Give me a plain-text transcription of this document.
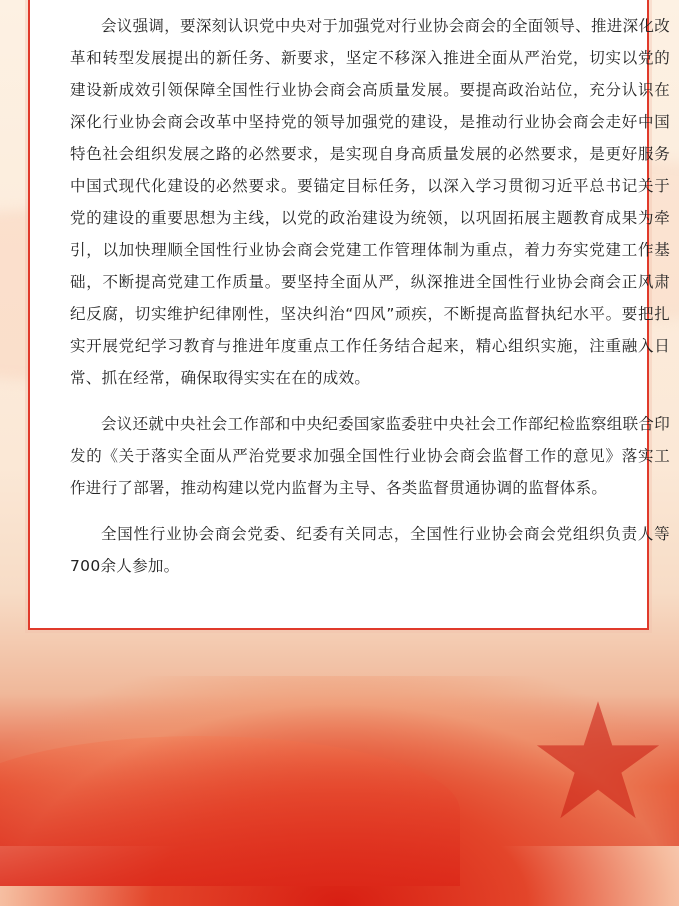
会议强调，要深刻认识党中央对于加强党对行业协会商会的全面领导、推进深化改革和转型发展提出的新任务、新要求，坚定不移深入推进全面从严治党，切实以党的建设新成效引领保障全国性行业协会商会高质量发展。要提高政治站位，充分认识在深化行业协会商会改革中坚持党的领导加强党的建设，是推动行业协会商会走好中国特色社会组织发展之路的必然要求，是实现自身高质量发展的必然要求，是更好服务中国式现代化建设的必然要求。要锚定目标任务，以深入学习贯彻习近平总书记关于党的建设的重要思想为主线，以党的政治建设为统领，以巩固拓展主题教育成果为牵引，以加快理顺全国性行业协会商会党建工作管理体制为重点，着力夯实党建工作基础，不断提高党建工作质量。要坚持全面从严，纵深推进全国性行业协会商会正风肃纪反腐，切实维护纪律刚性，坚决纠治“四风”顽疾，不断提高监督执纪水平。要把扎实开展党纪学习教育与推进年度重点工作任务结合起来，精心组织实施，注重融入日常、抓在经常，确保取得实实在在的成效。

会议还就中央社会工作部和中央纪委国家监委驻中央社会工作部纪检监察组联合印发的《关于落实全面从严治党要求加强全国性行业协会商会监督工作的意见》落实工作进行了部署，推动构建以党内监督为主导、各类监督贯通协调的监督体系。

全国性行业协会商会党委、纪委有关同志，全国性行业协会商会党组织负责人等700余人参加。
